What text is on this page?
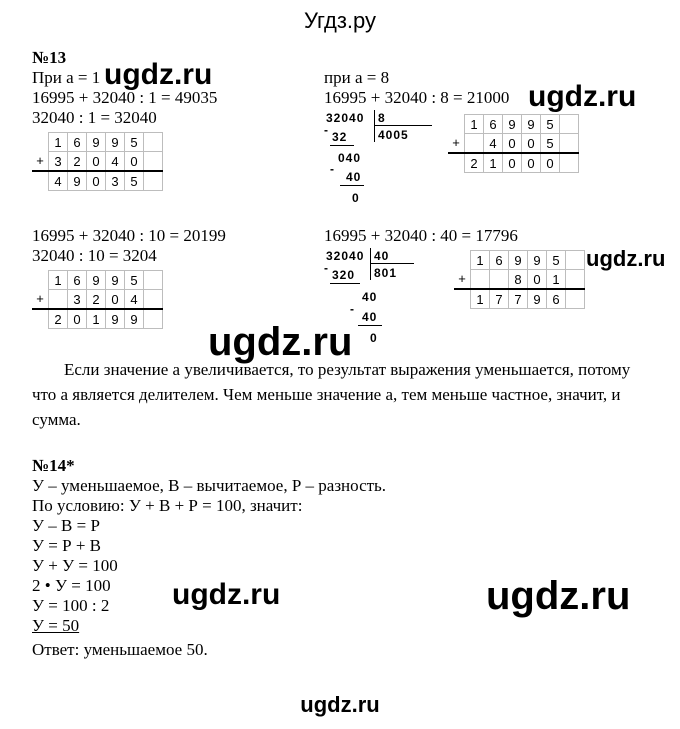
Угдз.ру
№13
При a = 1 ugdz.ru
16995 + 32040 : 1 = 49035
32040 : 1 = 32040
	1	6	9	9	5	
+	3	2	0	4	0	
	4	9	0	3	5	
при a = 8
16995 + 32040 : 8 = 21000 ugdz.ru
32040 8
4005
- 32
040
-
40
0
	1	6	9	9	5	
+		4	0	0	5	
	2	1	0	0	0	
16995 + 32040 : 10 = 20199
32040 : 10 = 3204
	1	6	9	9	5	
+		3	2	0	4	
	2	0	1	9	9	
16995 + 32040 : 40 = 17796
32040 40
801
- 320
40
-
40
0
	1	6	9	9	5	
+			8	0	1	
	1	7	7	9	6	
ugdz.ru
ugdz.ru
Если значение a увеличивается, то результат выражения уменьшается, потому что a является делителем. Чем меньше значение a, тем меньше частное, значит, и сумма.
№14*
У – уменьшаемое, В – вычитаемое, Р – разность.
По условию: У + В + Р = 100, значит:
У – В = Р
У = Р + В
У + У = 100
2 • У = 100
У = 100 : 2
У = 50
Ответ: уменьшаемое 50.
ugdz.ru	ugdz.ru
ugdz.ru
